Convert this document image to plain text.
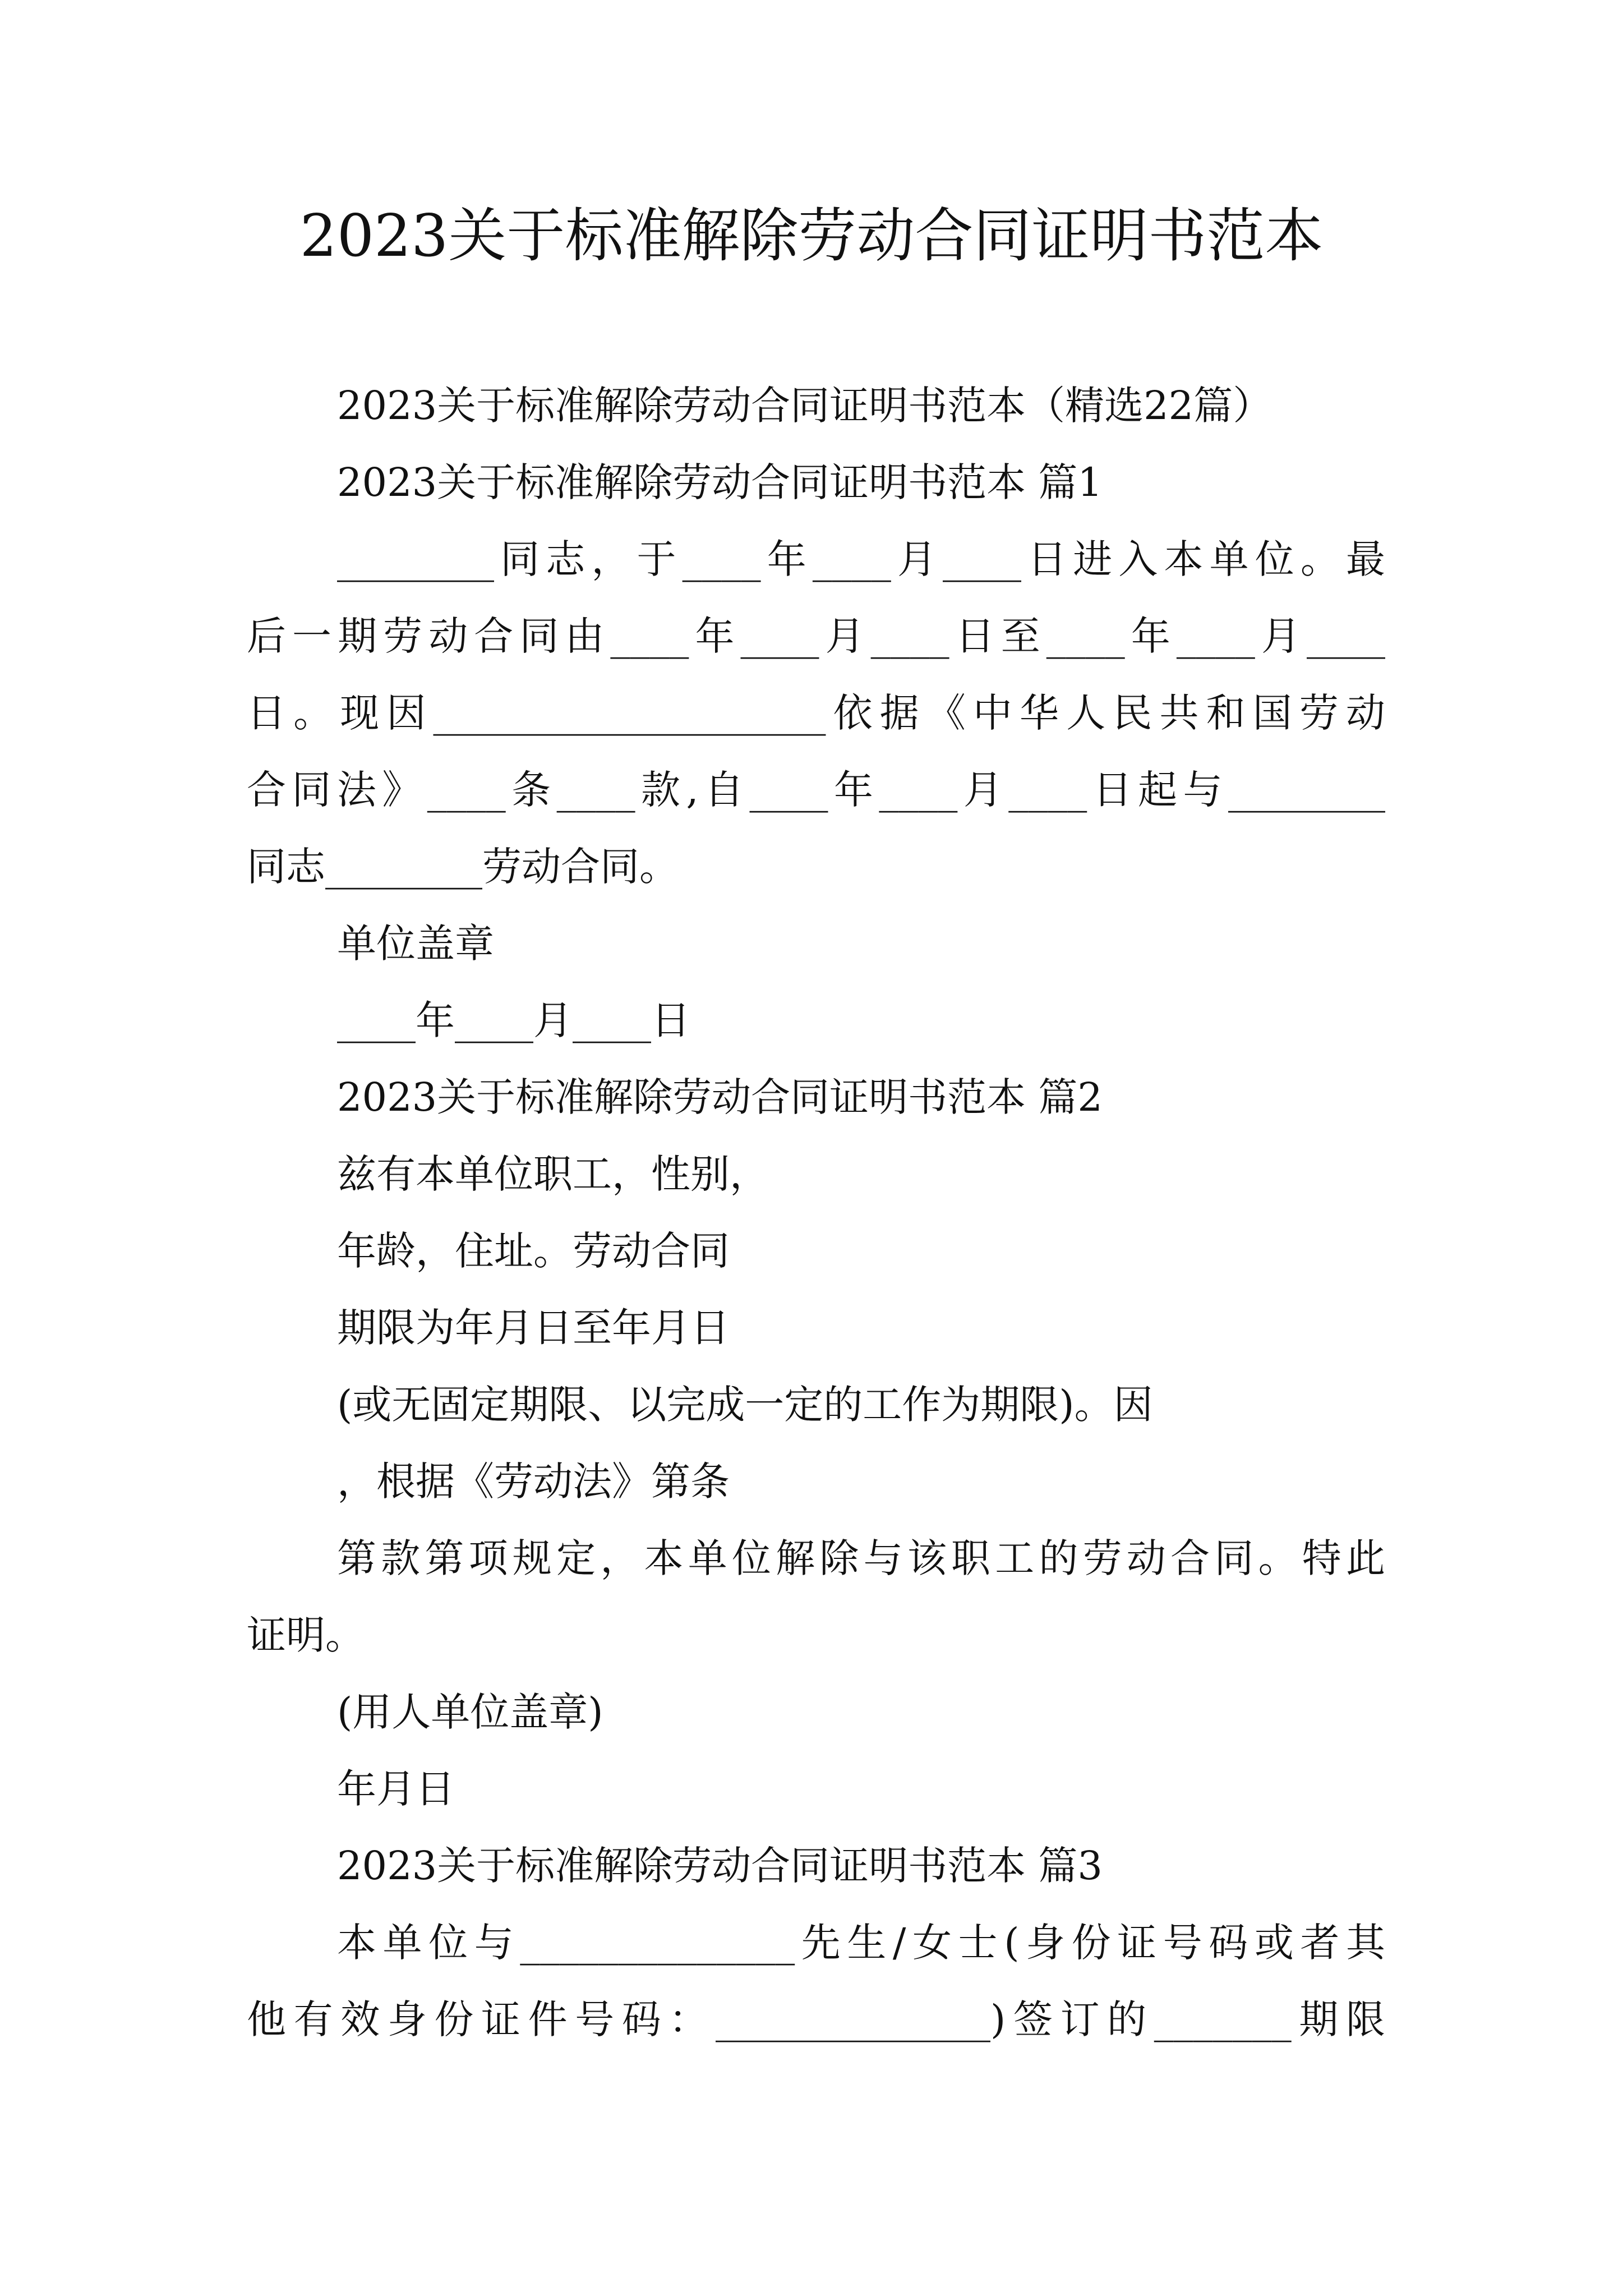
2023关于标准解除劳动合同证明书范本

2023关于标准解除劳动合同证明书范本（精选22篇）

2023关于标准解除劳动合同证明书范本 篇1

________同志，于____年____月____日进入本单位。最

后一期劳动合同由____年____月____日至____年____月____

日。现因____________________依据《中华人民共和国劳动

合同法》____条____款,自____年____月____日起与________

同志________劳动合同。

单位盖章

____年____月____日

2023关于标准解除劳动合同证明书范本 篇2

兹有本单位职工，性别，

年龄，住址。劳动合同

期限为年月日至年月日

(或无固定期限、以完成一定的工作为期限)。因

，根据《劳动法》第条

第款第项规定，本单位解除与该职工的劳动合同。特此

证明。

(用人单位盖章)

年月日

2023关于标准解除劳动合同证明书范本 篇3

本单位与______________先生/女士(身份证号码或者其

他有效身份证件号码：______________)签订的_______期限
